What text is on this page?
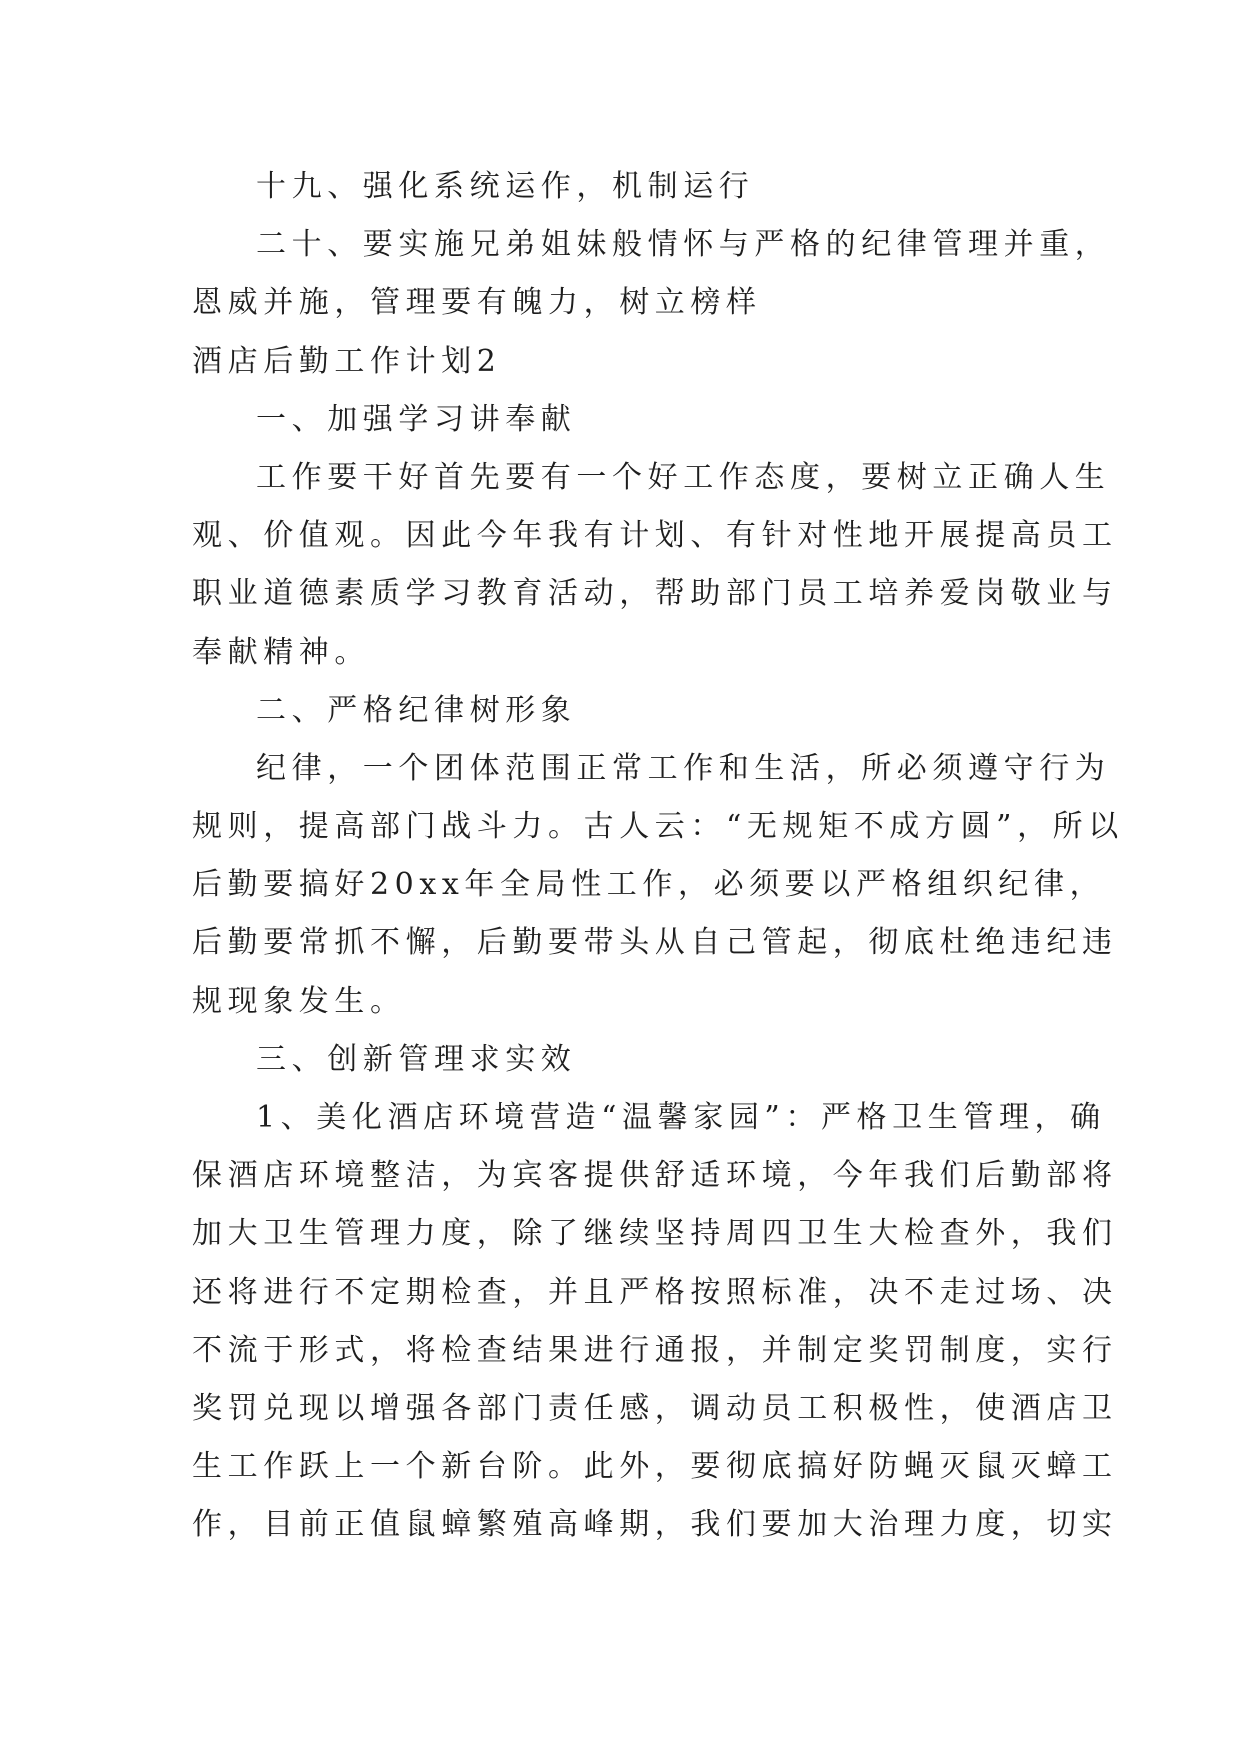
十九、强化系统运作，机制运行
二十、要实施兄弟姐妹般情怀与严格的纪律管理并重，
恩威并施，管理要有魄力，树立榜样
酒店后勤工作计划2
一、加强学习讲奉献
工作要干好首先要有一个好工作态度，要树立正确人生
观、价值观。因此今年我有计划、有针对性地开展提高员工
职业道德素质学习教育活动，帮助部门员工培养爱岗敬业与
奉献精神。
二、严格纪律树形象
纪律，一个团体范围正常工作和生活，所必须遵守行为
规则，提高部门战斗力。古人云：“无规矩不成方圆”，所以
后勤要搞好20xx年全局性工作，必须要以严格组织纪律，
后勤要常抓不懈，后勤要带头从自己管起，彻底杜绝违纪违
规现象发生。
三、创新管理求实效
1、美化酒店环境营造“温馨家园”：严格卫生管理，确
保酒店环境整洁，为宾客提供舒适环境，今年我们后勤部将
加大卫生管理力度，除了继续坚持周四卫生大检查外，我们
还将进行不定期检查，并且严格按照标准，决不走过场、决
不流于形式，将检查结果进行通报，并制定奖罚制度，实行
奖罚兑现以增强各部门责任感，调动员工积极性，使酒店卫
生工作跃上一个新台阶。此外，要彻底搞好防蝇灭鼠灭蟑工
作，目前正值鼠蟑繁殖高峰期，我们要加大治理力度，切实
